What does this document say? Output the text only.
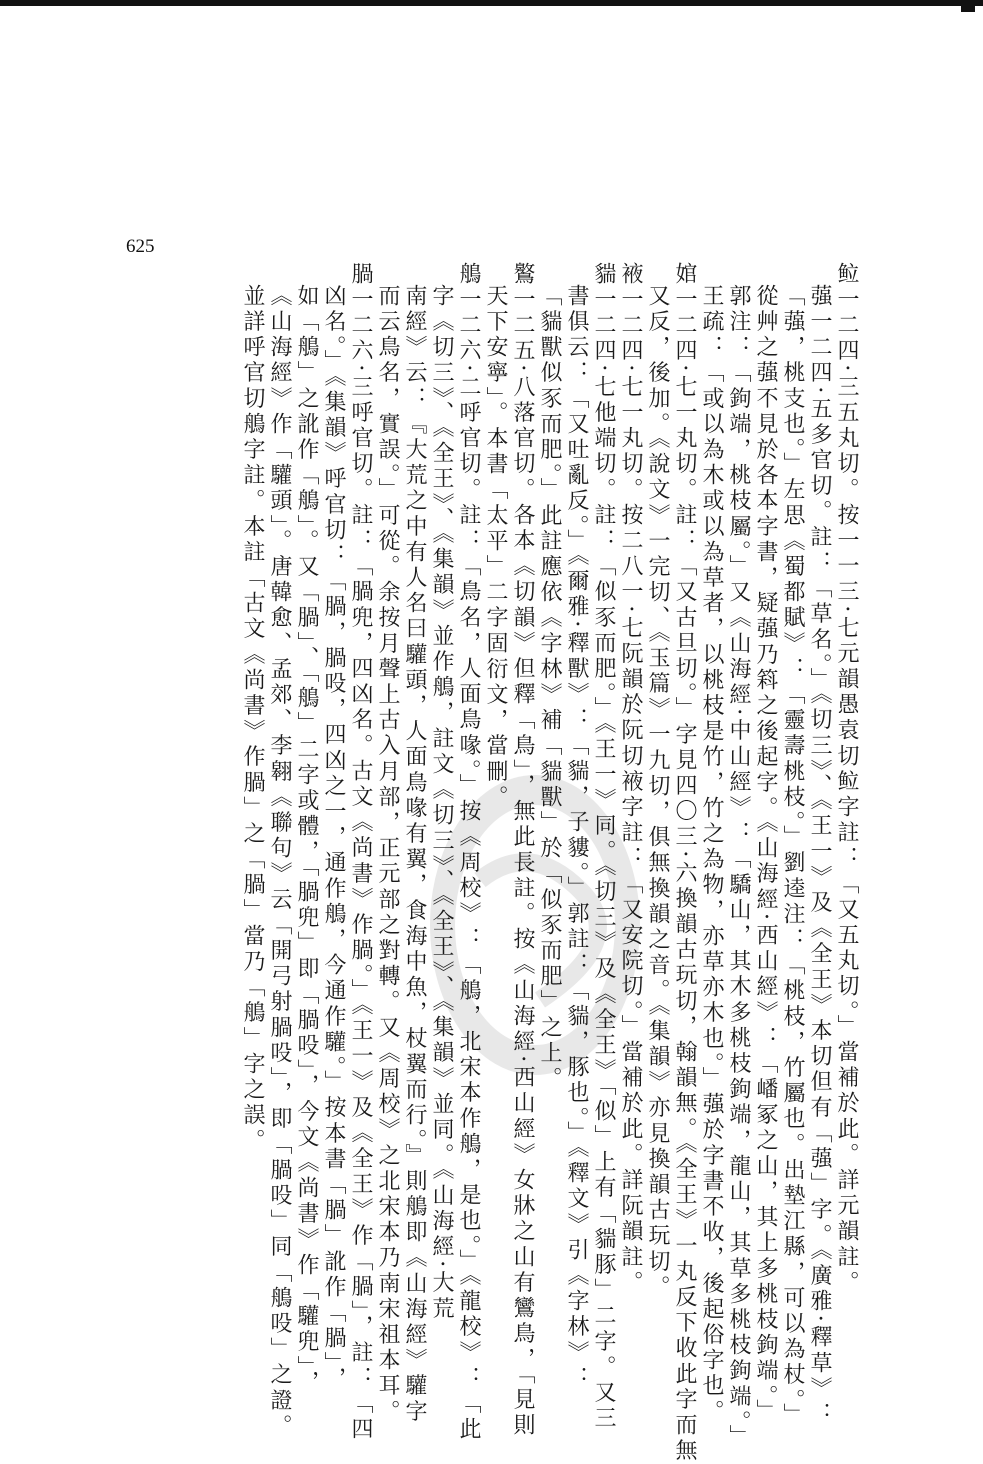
625
䲞一二四·三五丸切。按一一三·七元韻愚袁切䲞字註：「又五丸切。」當補於此。詳元韻註。
蔃一二四·五多官切。註：「草名。」《切三》、《王一》及《全王》本切但有「蔃」字。《廣雅·釋草》：
「蔃，桃支也。」左思《蜀都賦》：「靈壽桃枝。」劉逵注：「桃枝，竹屬也。出墊江縣，可以為杖。」
從艸之蔃不見於各本字書，疑蔃乃䈖之後起字。《山海經·西山經》：「嶓冢之山，其上多桃枝鉤端。」
郭注：「鉤端，桃枝屬。」又《山海經·中山經》：「驕山，其木多桃枝鉤端，龍山，其草多桃枝鉤端。」
王疏：「或以為木或以為草者，以桃枝是竹，竹之為物，亦草亦木也。」蔃於字書不收，後起俗字也。
婠一二四·七一丸切。註：「又古旦切。」字見四〇三·六換韻古玩切，翰韻無。《全王》一丸反下收此字而無
又反，後加。《說文》一完切、《玉篇》一九切，俱無換韻之音。《集韻》亦見換韻古玩切。
䘸一二四·七一丸切。按二八一·七阮韻於阮切䘸字註：「又安院切。」當補於此。詳阮韻註。
貒一二四·七他端切。註：「似豕而肥。」《王一》同。《切三》及《全王》「似」上有「貒豚」二字。又三
書俱云：「又吐亂反。」《爾雅·釋獸》：「貒，子貗。」郭註：「貒，豚也。」《釋文》引《字林》：
「貒獸似豕而肥。」此註應依《字林》補「貒獸」於「似豕而肥」之上。
鸄一二五·八落官切。各本《切韻》但釋「鳥」，無此長註。按《山海經·西山經》女牀之山有鸞鳥，「見則
天下安寧」。本書「太平」二字固衍文，當刪。
鵃一二六·二呼官切。註：「鳥名，人面鳥喙。」按《周校》：「鵃，北宋本作鵃，是也。」《龍校》：「此
字《切三》、《全王》、《集韻》並作鵃，註文《切三》、《全王》、《集韻》並同。《山海經·大荒
南經》云：『大荒之中有人名曰驩頭，人面鳥喙有翼，食海中魚，杖翼而行。』則鵃即《山海經》驩字
而云鳥名，實誤。」可從。余按月聲上古入月部，正元部之對轉。又《周校》之北宋本乃南宋祖本耳。
腡一二六·三呼官切。註：「腡兜，四凶名。古文《尚書》作腡。」《王一》及《全王》作「腡」，註：「四
凶名。」《集韻》呼官切：「腡，腡吺，四凶之一，通作鵃，今通作驩。」按本書「腡」訛作「腡」，
如「鵃」之訛作「鵃」。又「腡」、「鵃」二字或體，「腡兜」即「腡吺」，今文《尚書》作「驩兜」，
《山海經》作「驩頭」。唐韓愈、孟郊、李翱《聯句》云「開弓射腡吺」，即「腡吺」同「鵃吺」之證。
並詳呼官切鵃字註。本註「古文《尚書》作腡」之「腡」當乃「鵃」字之誤。
